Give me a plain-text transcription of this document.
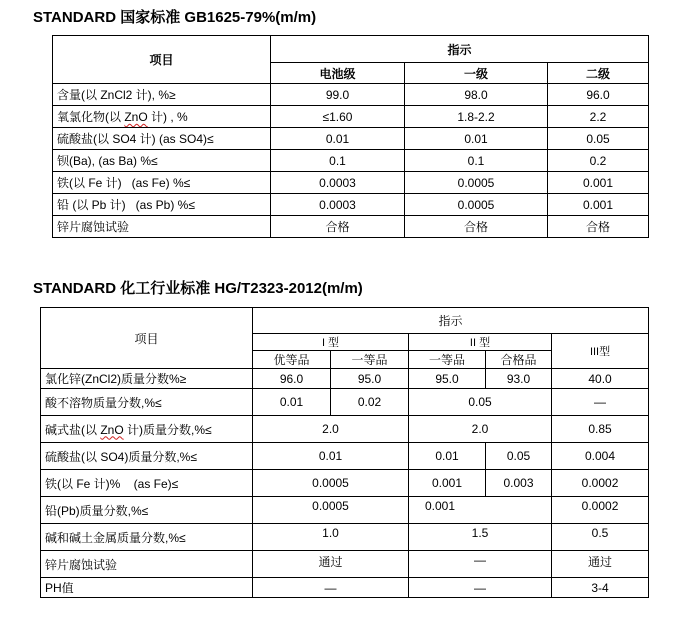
STANDARD 国家标准 GB1625-79%(m/m)
项目	指示		
	电池级	一级	二级
含量(以 ZnCl2 计), %≥	99.0	98.0	96.0
氧氯化物(以 ZnO 计) , %	≤1.60	1.8-2.2	2.2
硫酸盐(以 SO4 计) (as SO4)≤	0.01	0.01	0.05
钡(Ba), (as Ba) %≤	0.1	0.1	0.2
铁(以 Fe 计)   (as Fe) %≤	0.0003	0.0005	0.001
铅 (以 Pb 计)   (as Pb) %≤	0.0003	0.0005	0.001
锌片腐蚀试验	合格	合格	合格
STANDARD 化工行业标准 HG/T2323-2012(m/m)
项目	指示				
	I 型		II 型		III型
	优等品	一等品	一等品	合格品	
氯化锌(ZnCl2)质量分数%≥	96.0	95.0	95.0	93.0	40.0
酸不溶物质量分数,%≤	0.01	0.02	0.05		—
碱式盐(以 ZnO 计)质量分数,%≤	2.0		2.0		0.85
硫酸盐(以 SO4)质量分数,%≤	0.01		0.01	0.05	0.004
铁(以 Fe 计)%    (as Fe)≤	0.0005		0.001	0.003	0.0002
铅(Pb)质量分数,%≤	0.0005		0.001		0.0002
碱和碱土金属质量分数,%≤	1.0		1.5		0.5
锌片腐蚀试验	通过		—		通过
PH值	—		—		3-4
